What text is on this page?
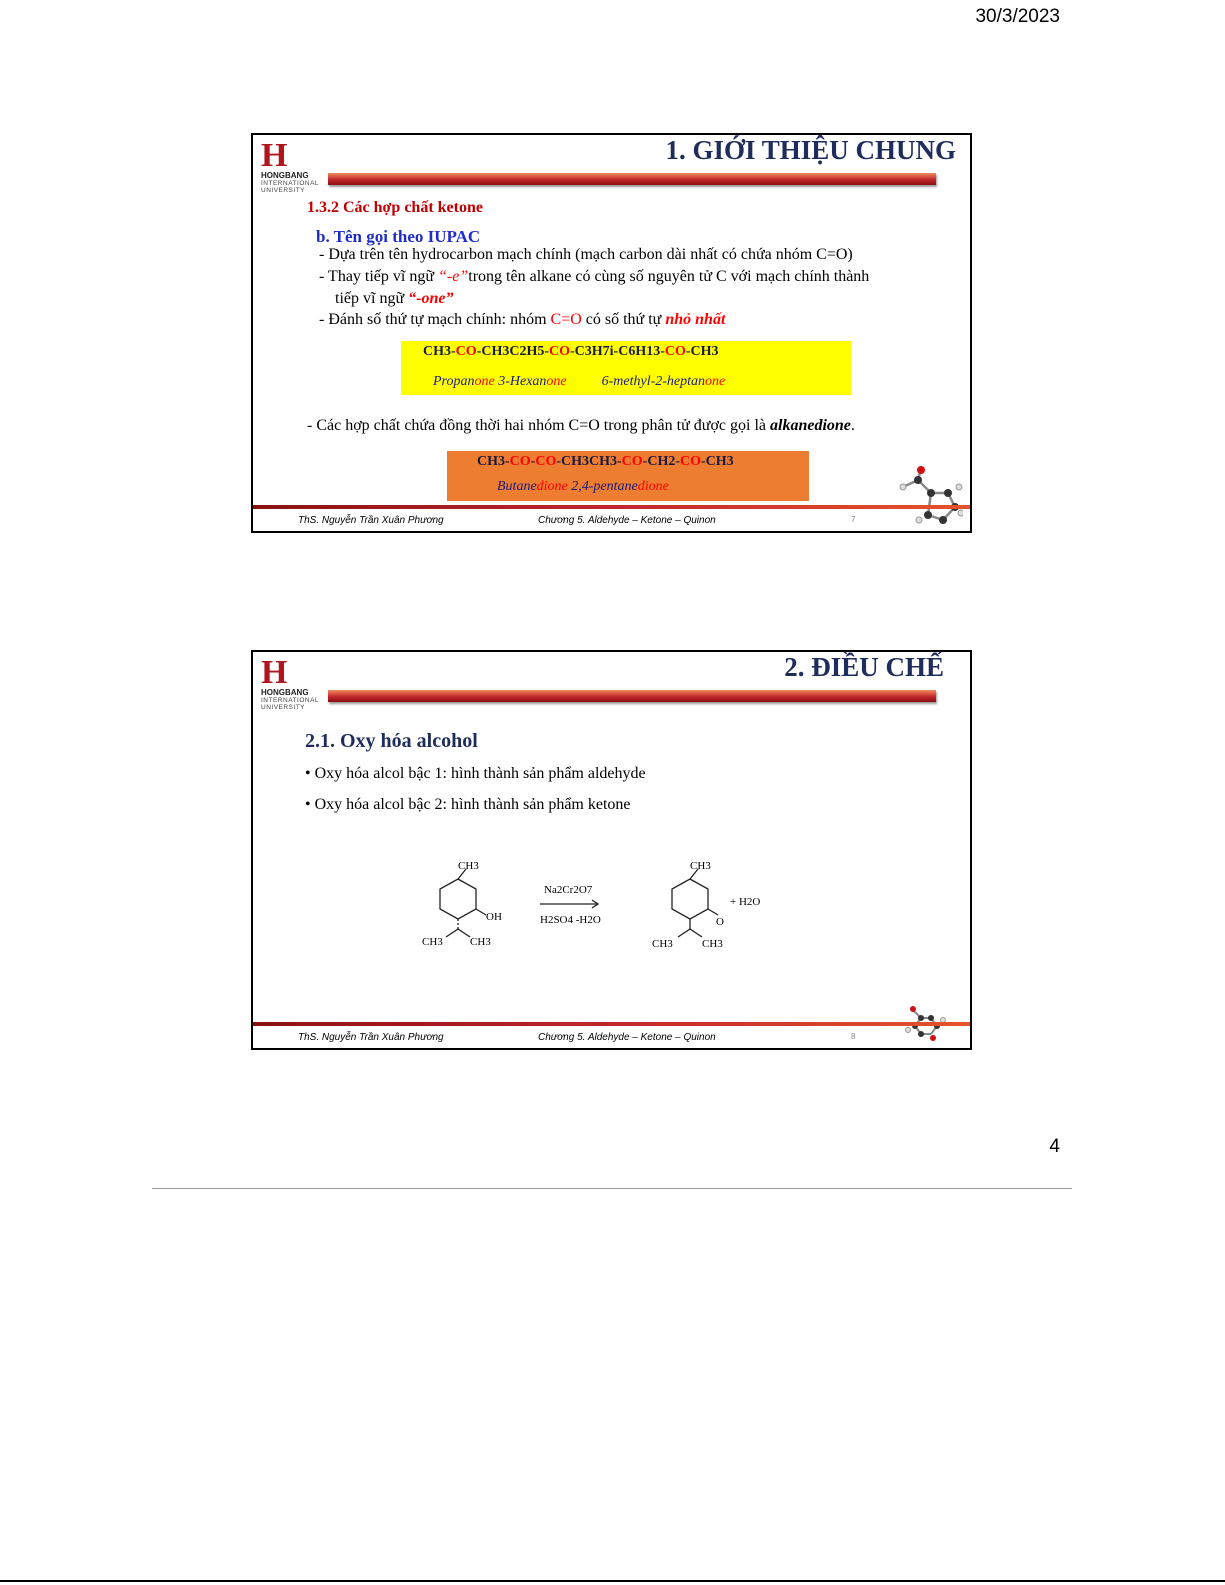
30/3/2023
H
HONGBANG
INTERNATIONAL
UNIVERSITY
1. GIỚI THIỆU CHUNG
1.3.2 Các hợp chất ketone
b. Tên gọi theo IUPAC
- Dựa trên tên hydrocarbon mạch chính (mạch carbon dài nhất có chứa nhóm C=O)
- Thay tiếp vĩ ngữ “-e”trong tên alkane có cùng số nguyên tử C với mạch chính thành
tiếp vĩ ngữ “-one”
- Đánh số thứ tự mạch chính: nhóm C=O có số thứ tự nhỏ nhất
CH3-CO-CH3C2H5-CO-C3H7i-C6H13-CO-CH3
Propanone 3-Hexanone          6-methyl-2-heptanone
- Các hợp chất chứa đồng thời hai nhóm C=O trong phân tử được gọi là alkanedione.
CH3-CO-CO-CH3CH3-CO-CH2-CO-CH3
Butanedione 2,4-pentanedione
ThS. Nguyễn Trần Xuân Phương	Chương 5. Aldehyde – Ketone – Quinon	7
H
HONGBANG
INTERNATIONAL
UNIVERSITY
2. ĐIỀU CHẾ
2.1. Oxy hóa alcohol
• Oxy hóa alcol bậc 1: hình thành sản phẩm aldehyde
• Oxy hóa alcol bậc 2: hình thành sản phẩm ketone
CH3
OH
CH3 CH3
Na2Cr2O7
H2SO4 -H2O
CH3
O
CH3	CH3
+ H2O
ThS. Nguyễn Trần Xuân Phương	Chương 5. Aldehyde – Ketone – Quinon	8
4
